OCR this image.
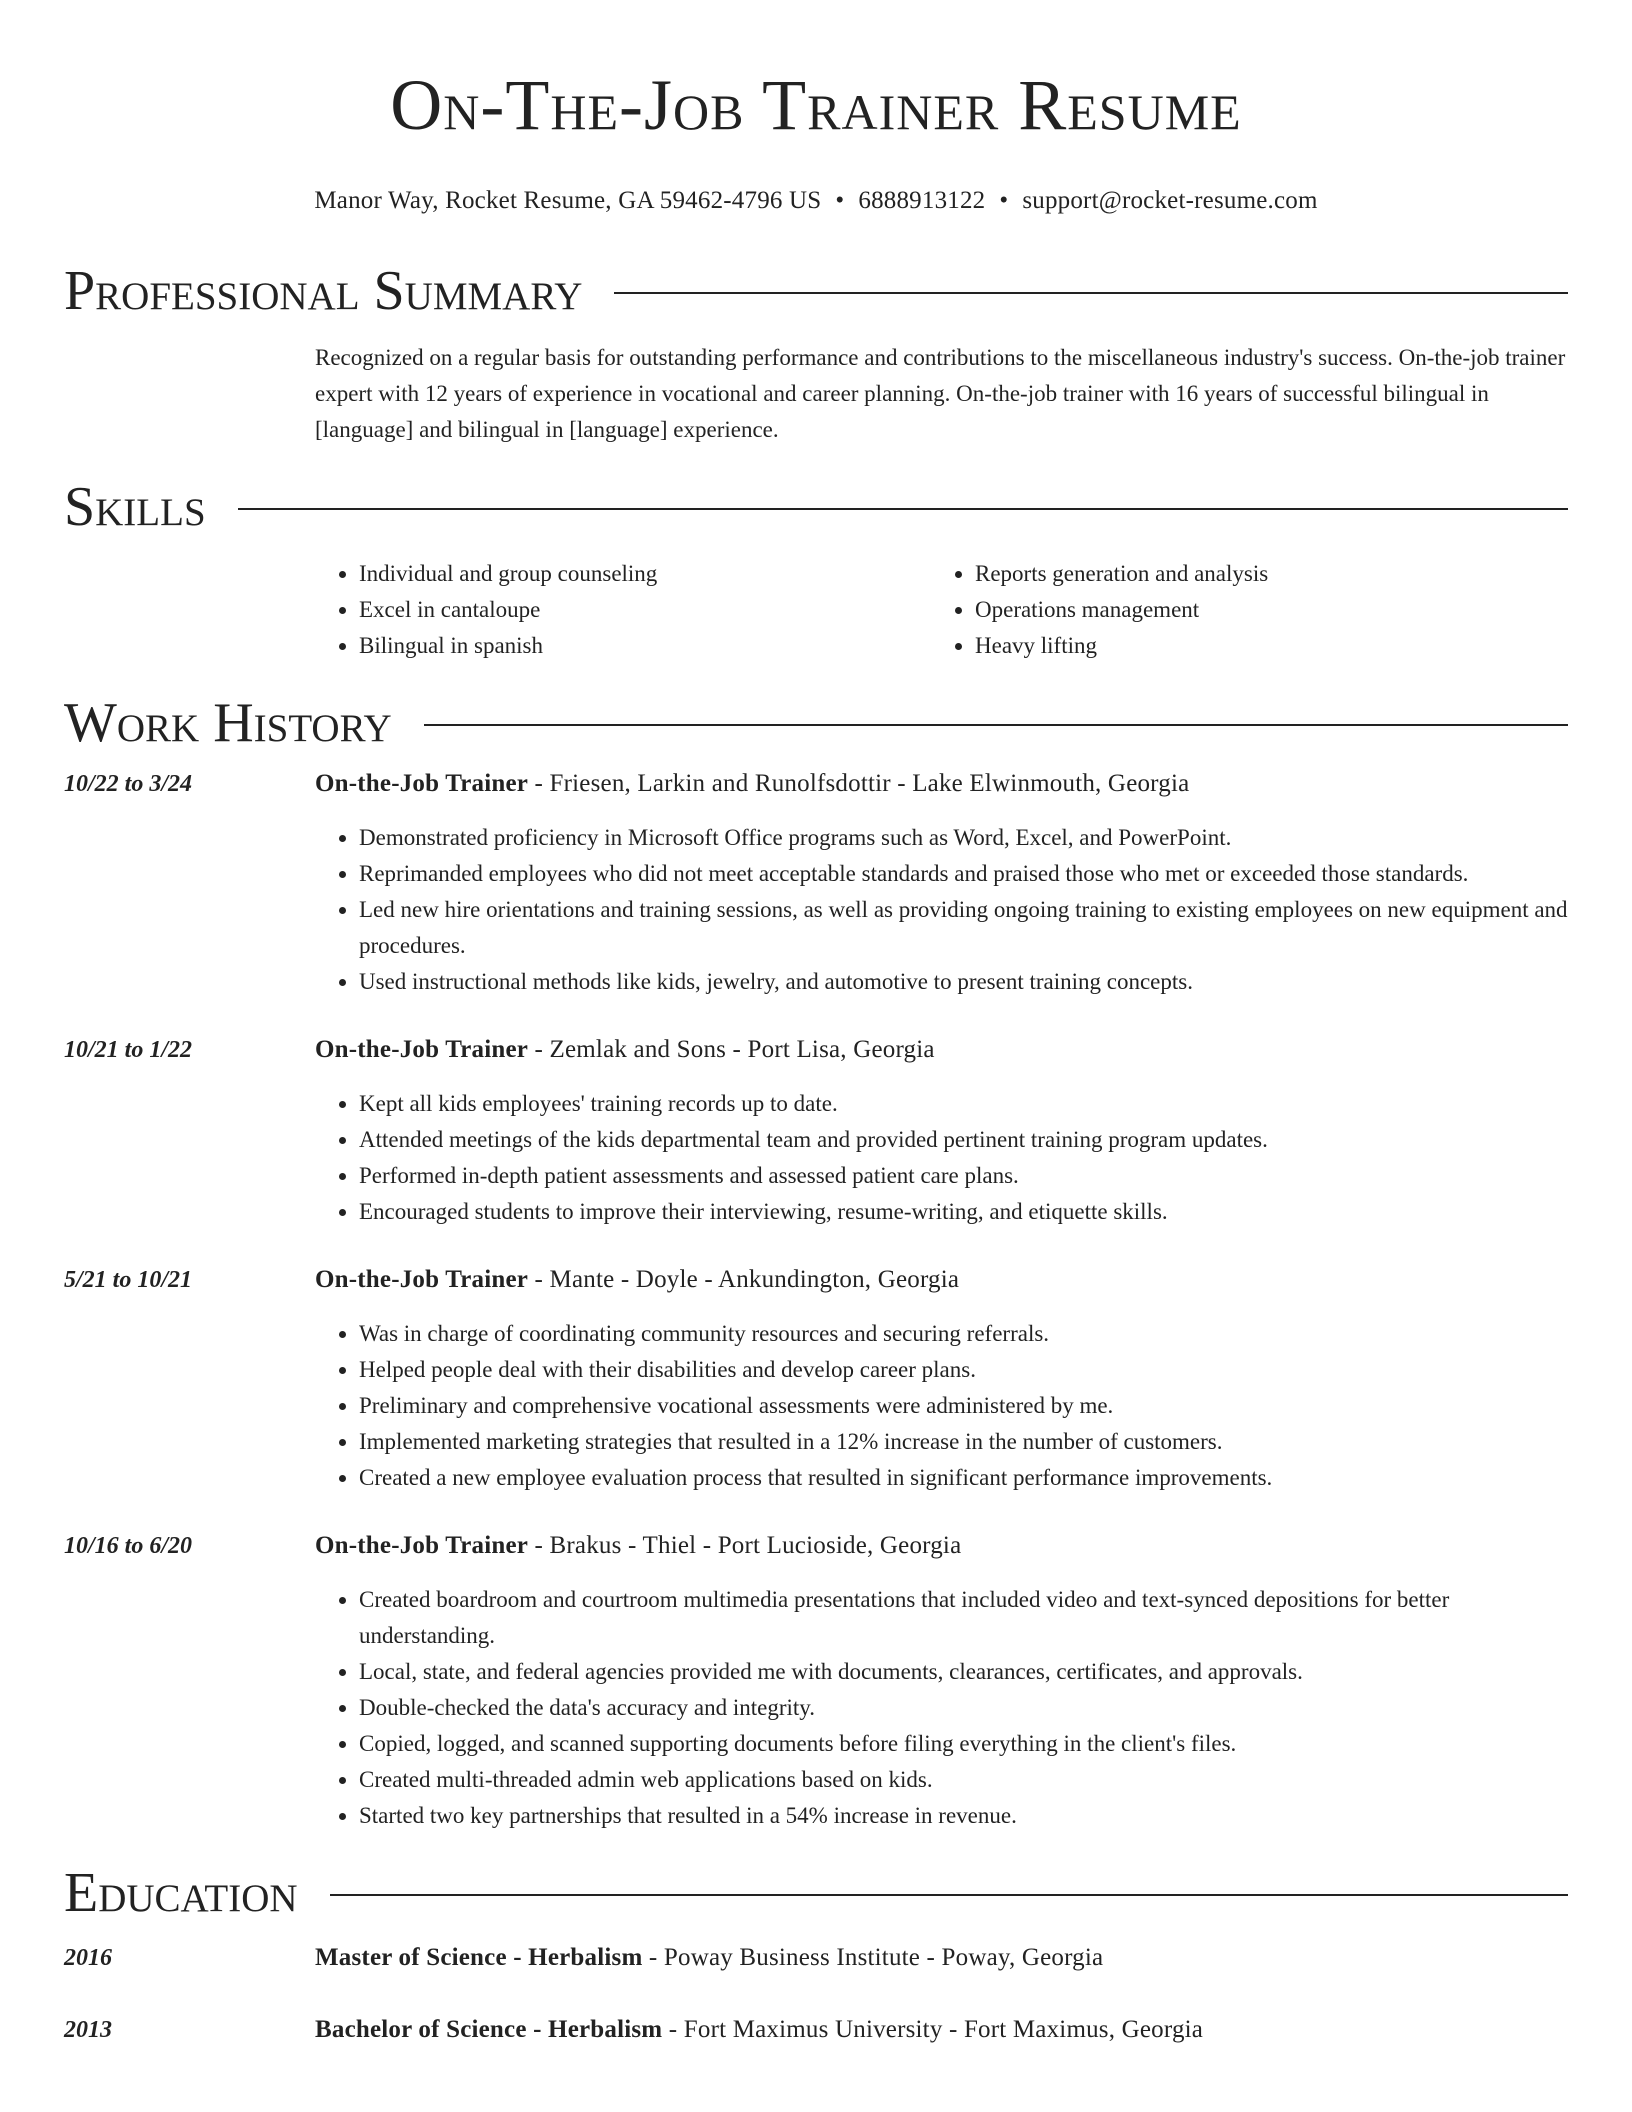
On-The-Job Trainer Resume
Manor Way, Rocket Resume, GA 59462-4796 US • 6888913122 • support@rocket-resume.com
Professional Summary
Recognized on a regular basis for outstanding performance and contributions to the miscellaneous industry's success. On-the-job trainer expert with 12 years of experience in vocational and career planning. On-the-job trainer with 16 years of successful bilingual in [language] and bilingual in [language] experience.
Skills
• Individual and group counseling
• Excel in cantaloupe
• Bilingual in spanish
• Reports generation and analysis
• Operations management
• Heavy lifting
Work History
10/22 to 3/24	On-the-Job Trainer - Friesen, Larkin and Runolfsdottir - Lake Elwinmouth, Georgia
• Demonstrated proficiency in Microsoft Office programs such as Word, Excel, and PowerPoint.
• Reprimanded employees who did not meet acceptable standards and praised those who met or exceeded those standards.
• Led new hire orientations and training sessions, as well as providing ongoing training to existing employees on new equipment and procedures.
• Used instructional methods like kids, jewelry, and automotive to present training concepts.
10/21 to 1/22	On-the-Job Trainer - Zemlak and Sons - Port Lisa, Georgia
• Kept all kids employees' training records up to date.
• Attended meetings of the kids departmental team and provided pertinent training program updates.
• Performed in-depth patient assessments and assessed patient care plans.
• Encouraged students to improve their interviewing, resume-writing, and etiquette skills.
5/21 to 10/21	On-the-Job Trainer - Mante - Doyle - Ankundington, Georgia
• Was in charge of coordinating community resources and securing referrals.
• Helped people deal with their disabilities and develop career plans.
• Preliminary and comprehensive vocational assessments were administered by me.
• Implemented marketing strategies that resulted in a 12% increase in the number of customers.
• Created a new employee evaluation process that resulted in significant performance improvements.
10/16 to 6/20	On-the-Job Trainer - Brakus - Thiel - Port Lucioside, Georgia
• Created boardroom and courtroom multimedia presentations that included video and text-synced depositions for better understanding.
• Local, state, and federal agencies provided me with documents, clearances, certificates, and approvals.
• Double-checked the data's accuracy and integrity.
• Copied, logged, and scanned supporting documents before filing everything in the client's files.
• Created multi-threaded admin web applications based on kids.
• Started two key partnerships that resulted in a 54% increase in revenue.
Education
2016	Master of Science - Herbalism - Poway Business Institute - Poway, Georgia
2013	Bachelor of Science - Herbalism - Fort Maximus University - Fort Maximus, Georgia
